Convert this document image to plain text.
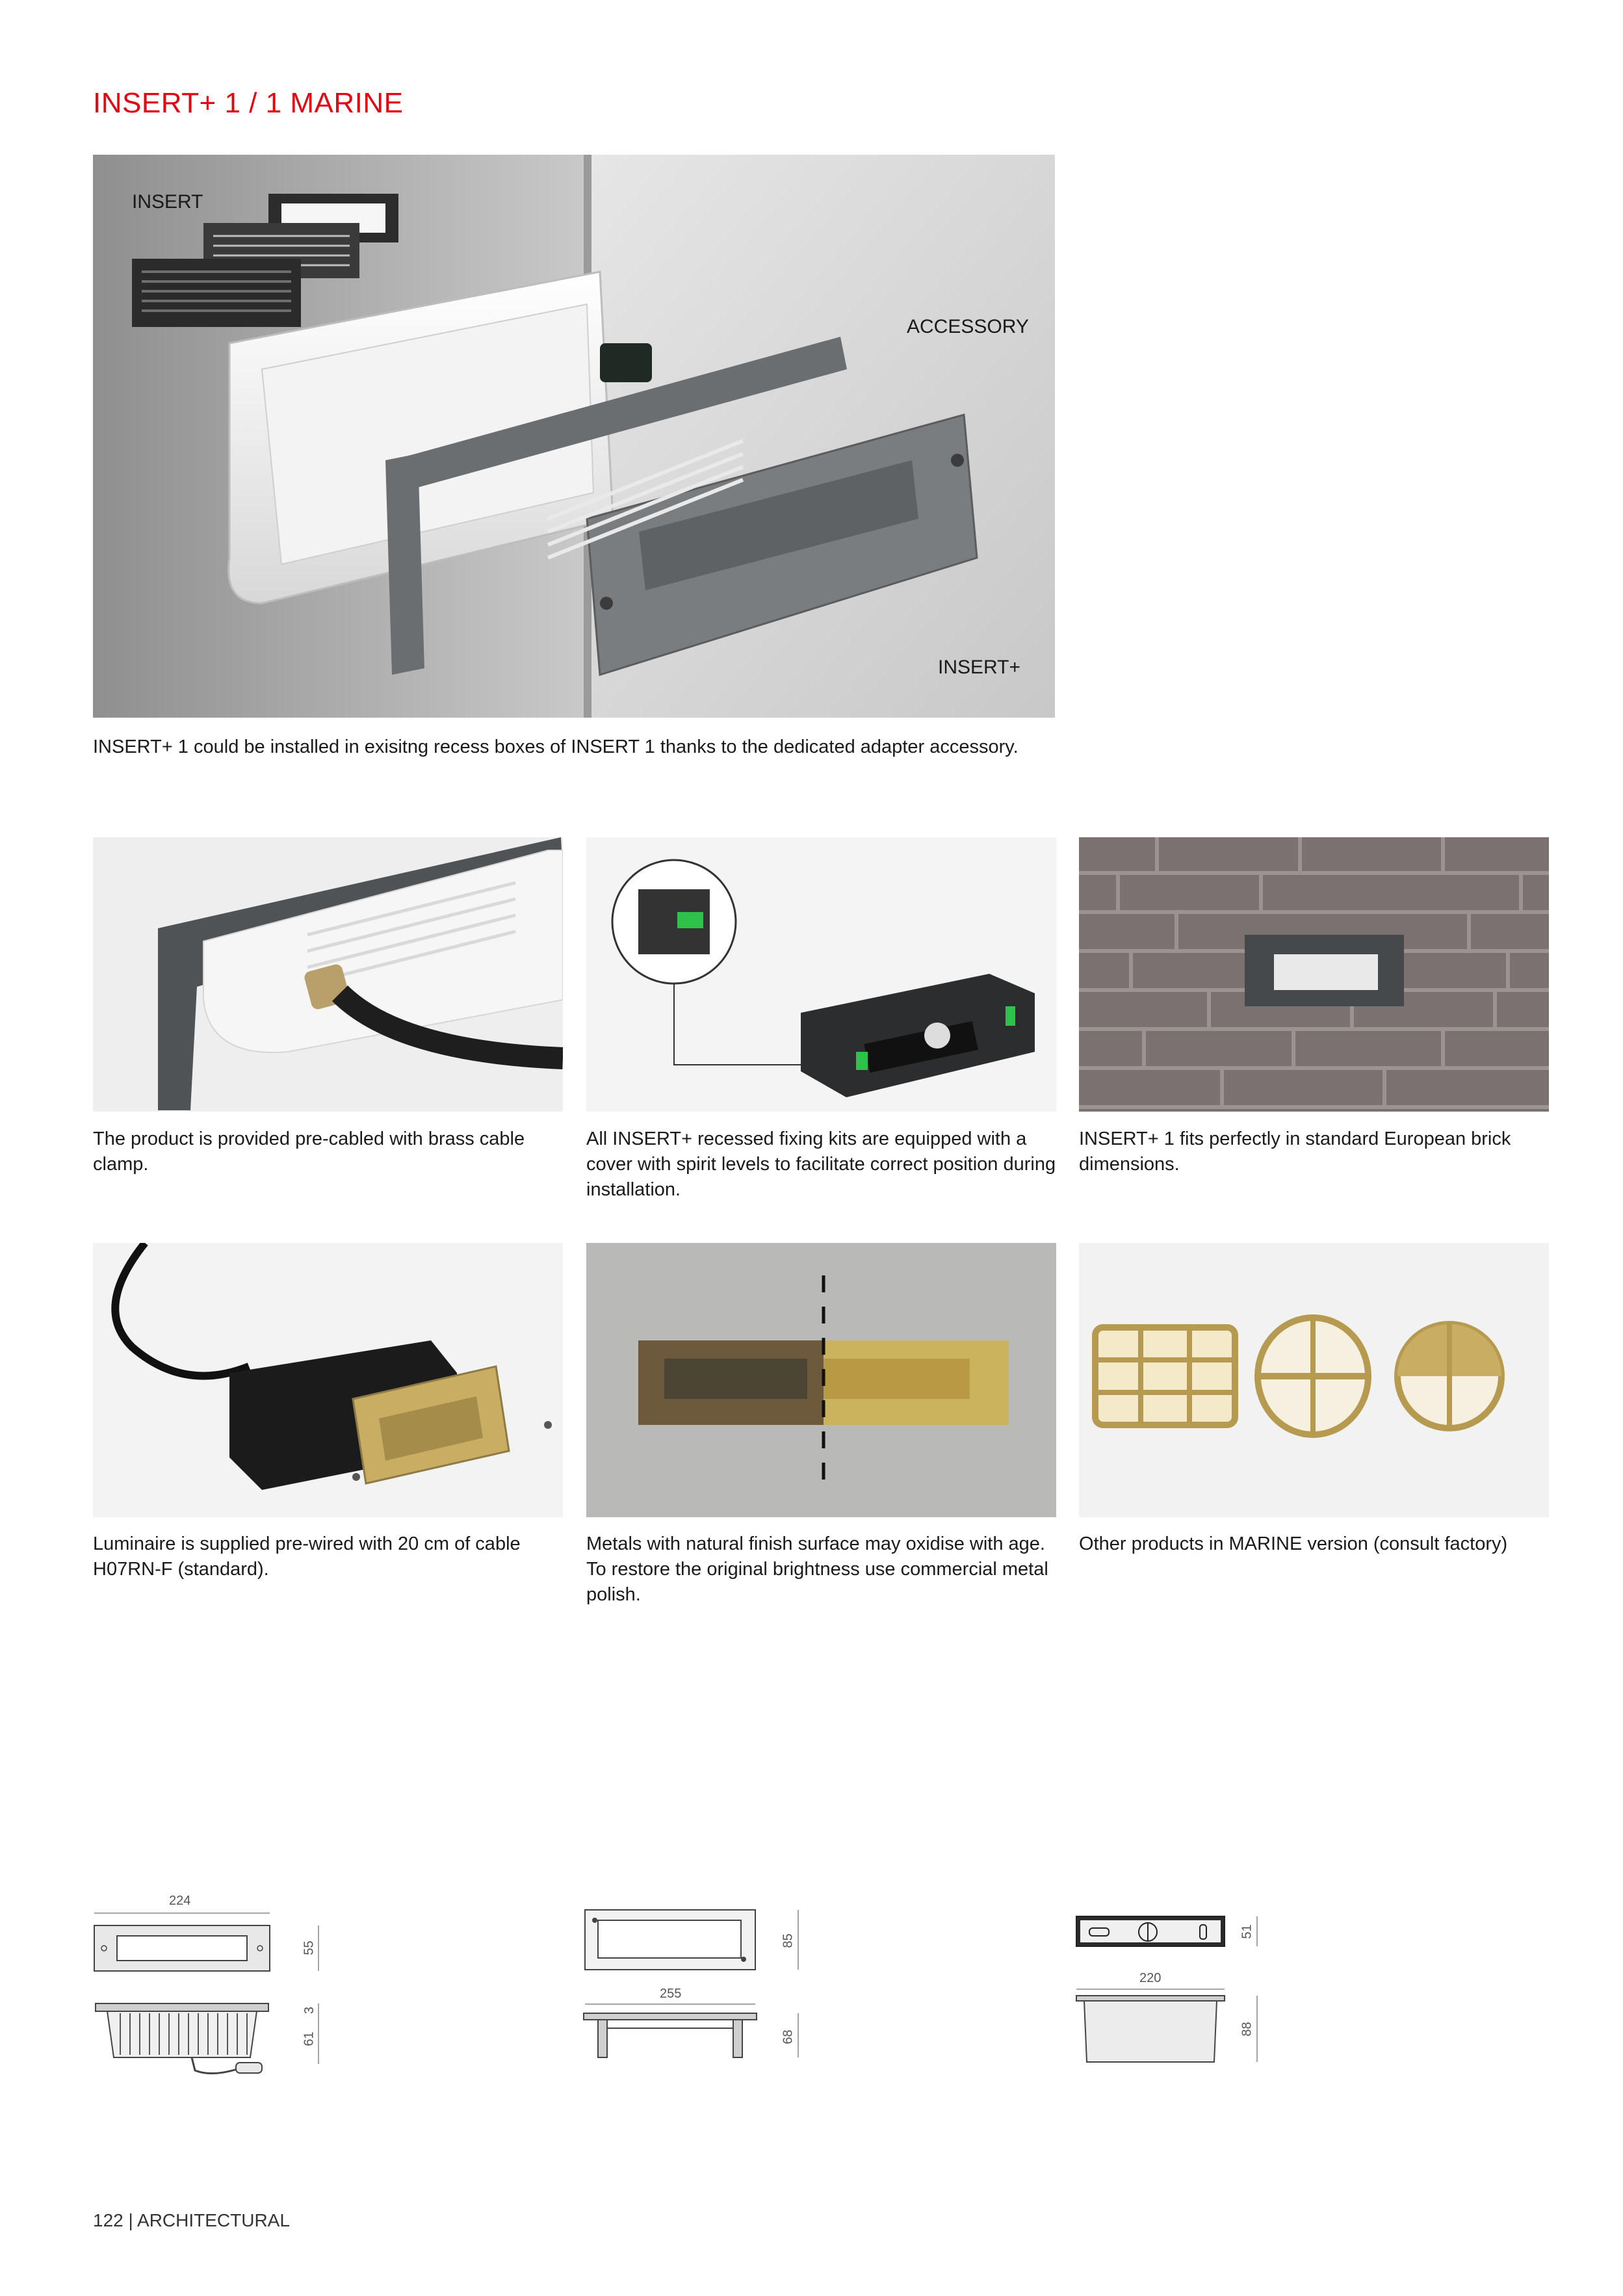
INSERT+ 1 / 1 MARINE
INSERT
ACCESSORY
INSERT+
INSERT+ 1 could be installed in exisitng recess boxes of INSERT 1 thanks to the dedicated adapter accessory.
The product is provided pre-cabled with brass cable clamp.
All INSERT+ recessed fixing kits are equipped with a cover with spirit levels to facilitate correct position during installation.
INSERT+ 1 fits perfectly in standard European brick dimensions.
Luminaire is supplied pre-wired with 20 cm of cable H07RN-F (standard).
Metals with natural finish surface may oxidise with age. To restore the original brightness use commercial metal polish.
Other products in MARINE version (consult factory)
224
55
61
3
85
255
68
51
220
88
122 | ARCHITECTURAL
